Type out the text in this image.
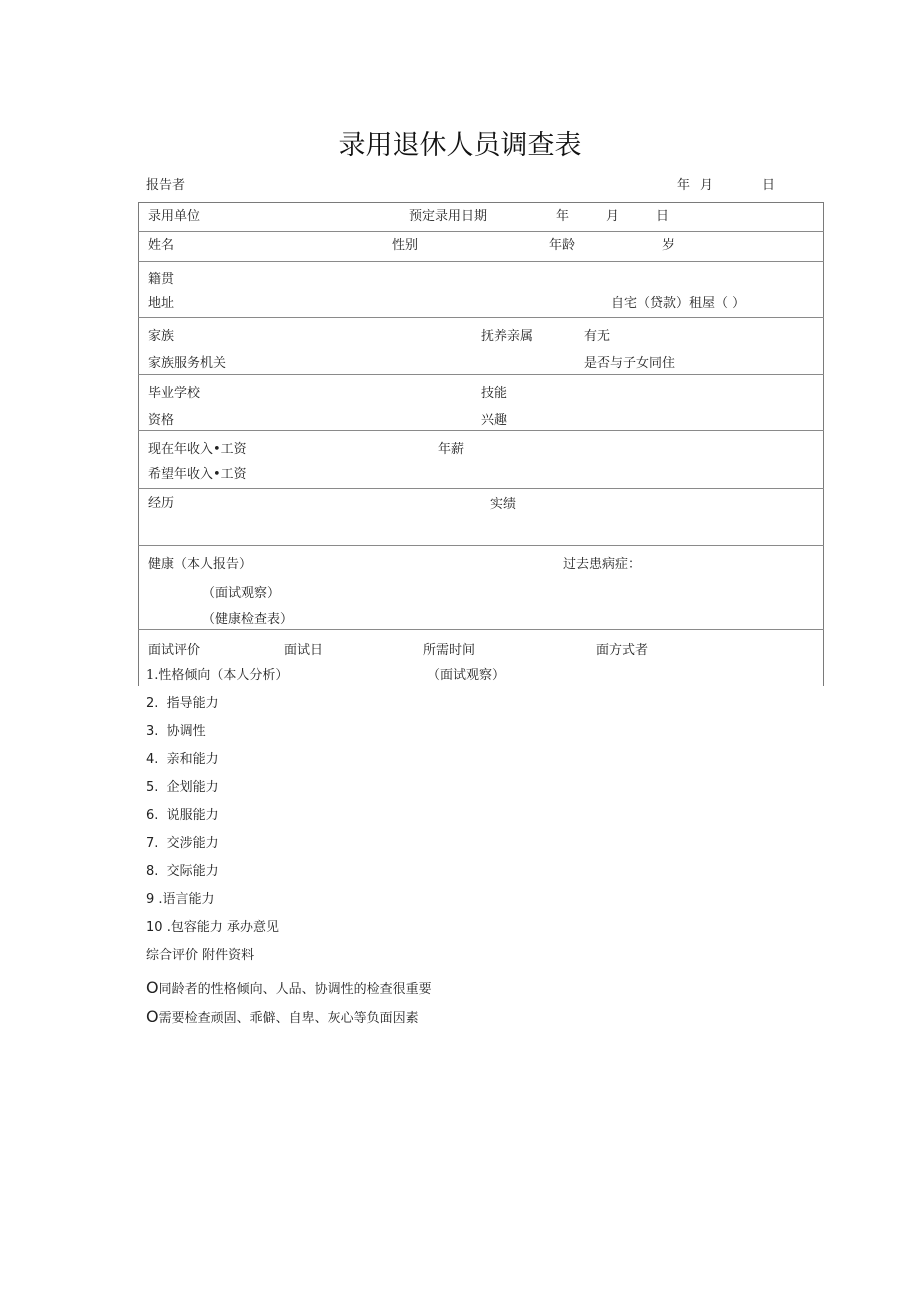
录用退休人员调查表
报告者	年 月	日
录用单位	预定录用日期	年	月	日
姓名	性别	年龄	岁
籍贯
地址	自宅（贷款）租屋（ ）
家族	抚养亲属	有无
家族服务机关	是否与子女同住
毕业学校	技能
资格	兴趣
现在年收入•工资	年薪
希望年收入•工资
经历	实绩
健康（本人报告）	过去患病症：
（面试观察）
（健康检查表）
面试评价	面试日	所需时间	面方式者
1.性格倾向（本人分析）	（面试观察）
2. 指导能力
3. 协调性
4. 亲和能力
5. 企划能力
6. 说服能力
7. 交涉能力
8. 交际能力
9 .语言能力
10 .包容能力 承办意见
综合评价 附件资料
O同龄者的性格倾向、人品、协调性的检查很重要
O需要检查顽固、乖僻、自卑、灰心等负面因素
